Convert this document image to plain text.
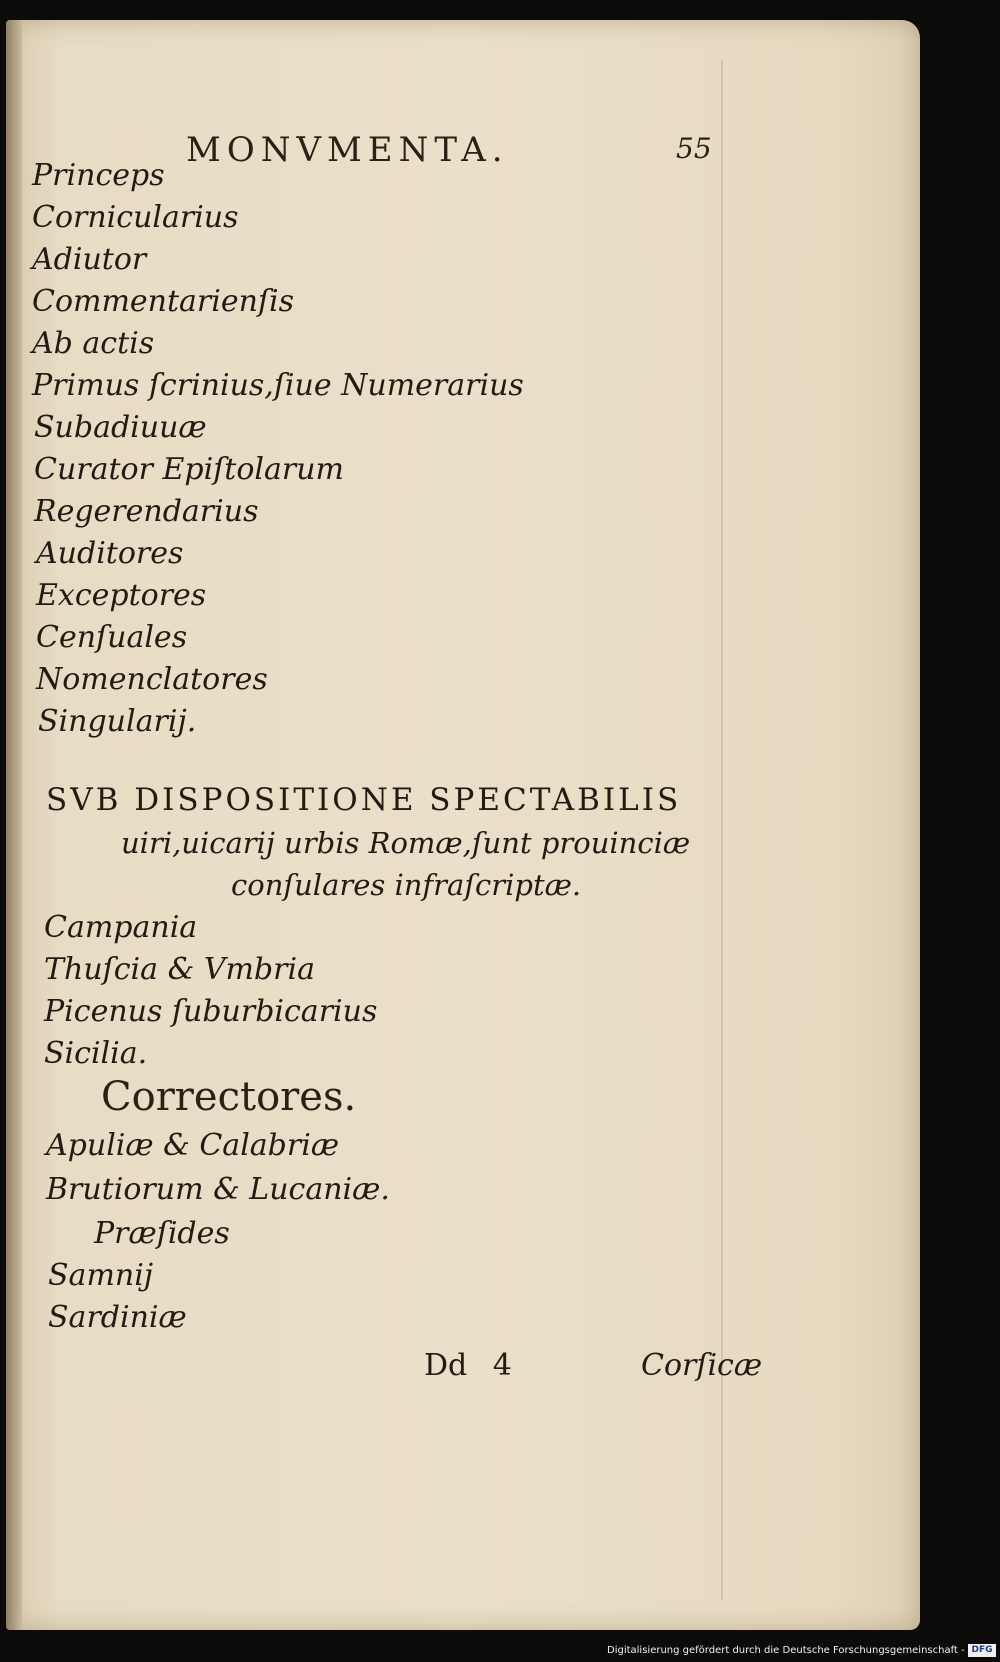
MONVMENTA.	55
Princeps
Cornicularius
Adiutor
Commentarienſis
Ab actis
Primus ſcrinius,ſiue Numerarius
Subadiuuæ
Curator Epiſtolarum
Regerendarius
Auditores
Exceptores
Cenſuales
Nomenclatores
Singularij.
SVB DISPOSITIONE SPECTABILIS
uiri,uicarij urbis Romæ,ſunt prouinciæ
conſulares infraſcriptæ.
Campania
Thuſcia & Vmbria
Picenus ſuburbicarius
Sicilia.
Correctores.
Apuliæ & Calabriæ
Brutiorum & Lucaniæ.
Præſides
Samnij
Sardiniæ
Dd 4	Corſicæ
Digitalisierung gefördert durch die Deutsche Forschungsgemeinschaft - DFG
